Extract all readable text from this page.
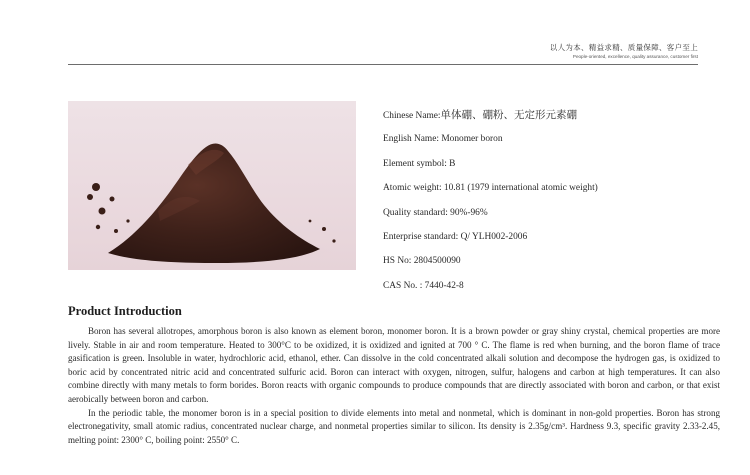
以人为本、精益求精、质量保障、客户至上
People-oriented, excellence, quality assurance, customer first
Chinese Name:单体硼、硼粉、无定形元素硼
English Name: Monomer boron
Element symbol: B
Atomic weight: 10.81 (1979 international atomic weight)
Quality standard: 90%-96%
Enterprise standard: Q/ YLH002-2006
HS No: 2804500090
CAS No. : 7440-42-8
Product Introduction

Boron has several allotropes, amorphous boron is also known as element boron, monomer boron. It is a brown powder or gray shiny crystal, chemical properties are more lively. Stable in air and room temperature. Heated to 300°C to be oxidized, it is oxidized and ignited at 700 ° C. The flame is red when burning, and the boron flame of trace gasification is green. Insoluble in water, hydrochloric acid, ethanol, ether. Can dissolve in the cold concentrated alkali solution and decompose the hydrogen gas, is oxidized to boric acid by concentrated nitric acid and concentrated sulfuric acid. Boron can interact with oxygen, nitrogen, sulfur, halogens and carbon at high temperatures. It can also combine directly with many metals to form borides. Boron reacts with organic compounds to produce compounds that are directly associated with boron and carbon, or that exist aerobically between boron and carbon.

In the periodic table, the monomer boron is in a special position to divide elements into metal and nonmetal, which is dominant in non-gold properties. Boron has strong electronegativity, small atomic radius, concentrated nuclear charge, and nonmetal properties similar to silicon. Its density is 2.35g/cm³. Hardness 9.3, specific gravity 2.33-2.45, melting point: 2300° C, boiling point: 2550° C.
